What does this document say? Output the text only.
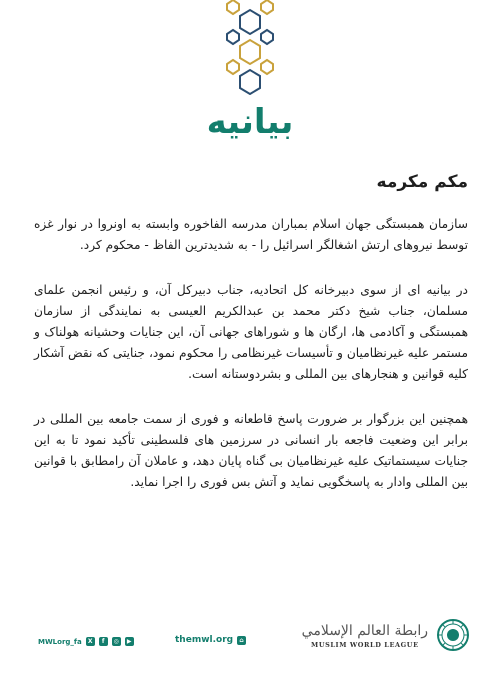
بیانیه
مکم مکرمه

سازمان همبستگی جهان اسلام بمباران مدرسه الفاخوره وابسته به اونروا در نوار غزه توسط نیروهای ارتش اشغالگر اسرائیل را - به شدیدترین الفاظ - محکوم کرد.

در بیانیه ای از سوی دبیرخانه کل اتحادیه، جناب دبیرکل آن، و رئیس انجمن علمای مسلمان، جناب شیخ دکتر محمد بن عبدالکریم العیسی به نمایندگی از سازمان همبستگی و آکادمی ها، ارگان ها و شوراهای جهانی آن، این جنایات وحشیانه هولناک و مستمر علیه غیرنظامیان و تأسیسات غیرنظامی را محکوم نمود، جنایتی که نقض آشکار کلیه قوانین و هنجارهای بین المللی و بشردوستانه است.

همچنین این بزرگوار بر ضرورت پاسخ قاطعانه و فوری از سمت جامعه بین المللی در برابر این وضعیت فاجعه بار انسانی در سرزمین های فلسطینی تأکید نمود تا به این جنایات سیستماتیک علیه غیرنظامیان بی گناه پایان دهد، و عاملان آن رامطابق با قوانین بین المللی وادار به پاسخگویی نماید و آتش بس فوری را اجرا نماید.

MWLorg_fa	X	f	◎	▶	themwl.org	⌂
رابطة العالم الإسلامي
MUSLIM WORLD LEAGUE
